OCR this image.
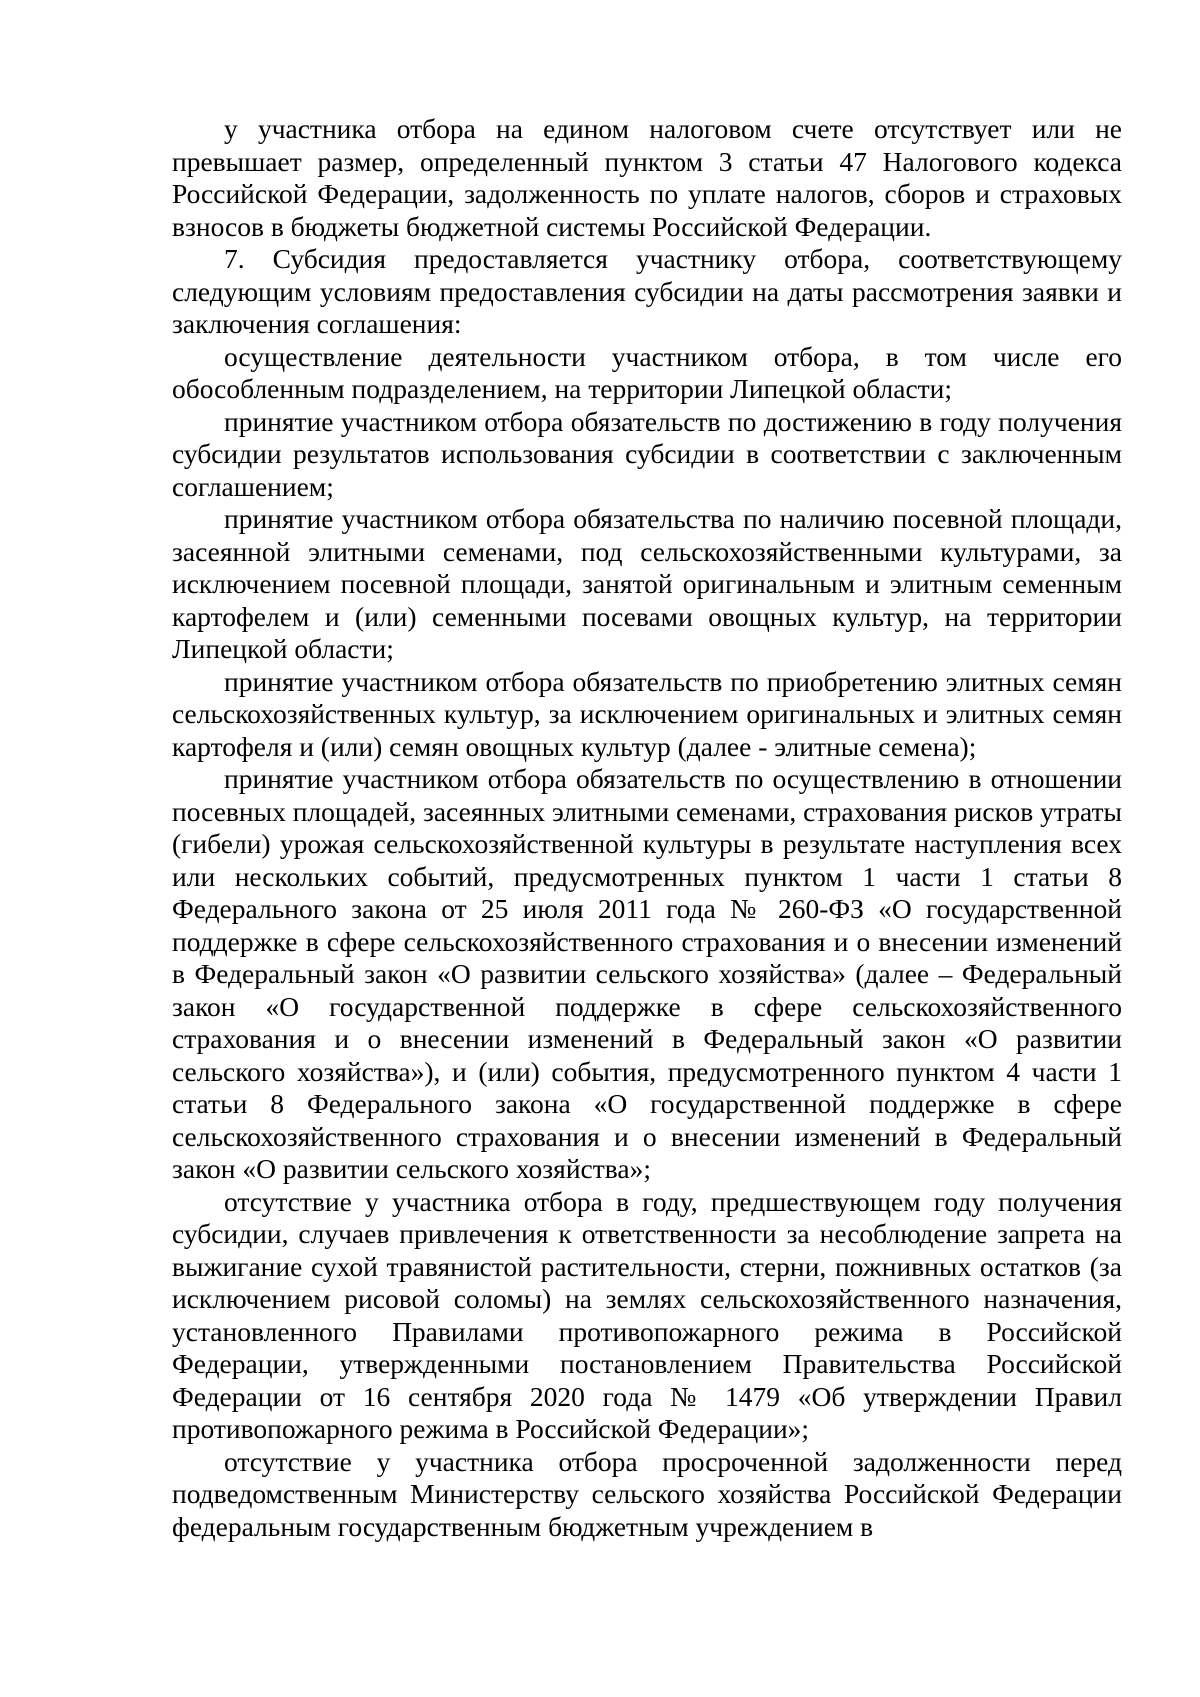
у участника отбора на едином налоговом счете отсутствует или не превышает размер, определенный пунктом 3 статьи 47 Налогового кодекса Российской Федерации, задолженность по уплате налогов, сборов и страховых взносов в бюджеты бюджетной системы Российской Федерации.

7. Субсидия предоставляется участнику отбора, соответствующему следующим условиям предоставления субсидии на даты рассмотрения заявки и заключения соглашения:

осуществление деятельности участником отбора, в том числе его обособленным подразделением, на территории Липецкой области;

принятие участником отбора обязательств по достижению в году получения субсидии результатов использования субсидии в соответствии с заключенным соглашением;

принятие участником отбора обязательства по наличию посевной площади, засеянной элитными семенами, под сельскохозяйственными культурами, за исключением посевной площади, занятой оригинальным и элитным семенным картофелем и (или) семенными посевами овощных культур, на территории Липецкой области;

принятие участником отбора обязательств по приобретению элитных семян сельскохозяйственных культур, за исключением оригинальных и элитных семян картофеля и (или) семян овощных культур (далее - элитные семена);

принятие участником отбора обязательств по осуществлению в отношении посевных площадей, засеянных элитными семенами, страхования рисков утраты (гибели) урожая сельскохозяйственной культуры в результате наступления всех или нескольких событий, предусмотренных пунктом 1 части 1 статьи 8 Федерального закона от 25 июля 2011 года № 260-ФЗ «О государственной поддержке в сфере сельскохозяйственного страхования и о внесении изменений в Федеральный закон «О развитии сельского хозяйства» (далее – Федеральный закон «О государственной поддержке в сфере сельскохозяйственного страхования и о внесении изменений в Федеральный закон «О развитии сельского хозяйства»), и (или) события, предусмотренного пунктом 4 части 1 статьи 8 Федерального закона «О государственной поддержке в сфере сельскохозяйственного страхования и о внесении изменений в Федеральный закон «О развитии сельского хозяйства»;

отсутствие у участника отбора в году, предшествующем году получения субсидии, случаев привлечения к ответственности за несоблюдение запрета на выжигание сухой травянистой растительности, стерни, пожнивных остатков (за исключением рисовой соломы) на землях сельскохозяйственного назначения, установленного Правилами противопожарного режима в Российской Федерации, утвержденными постановлением Правительства Российской Федерации от 16 сентября 2020 года № 1479 «Об утверждении Правил противопожарного режима в Российской Федерации»;

отсутствие у участника отбора просроченной задолженности перед подведомственным Министерству сельского хозяйства Российской Федерации федеральным государственным бюджетным учреждением в
